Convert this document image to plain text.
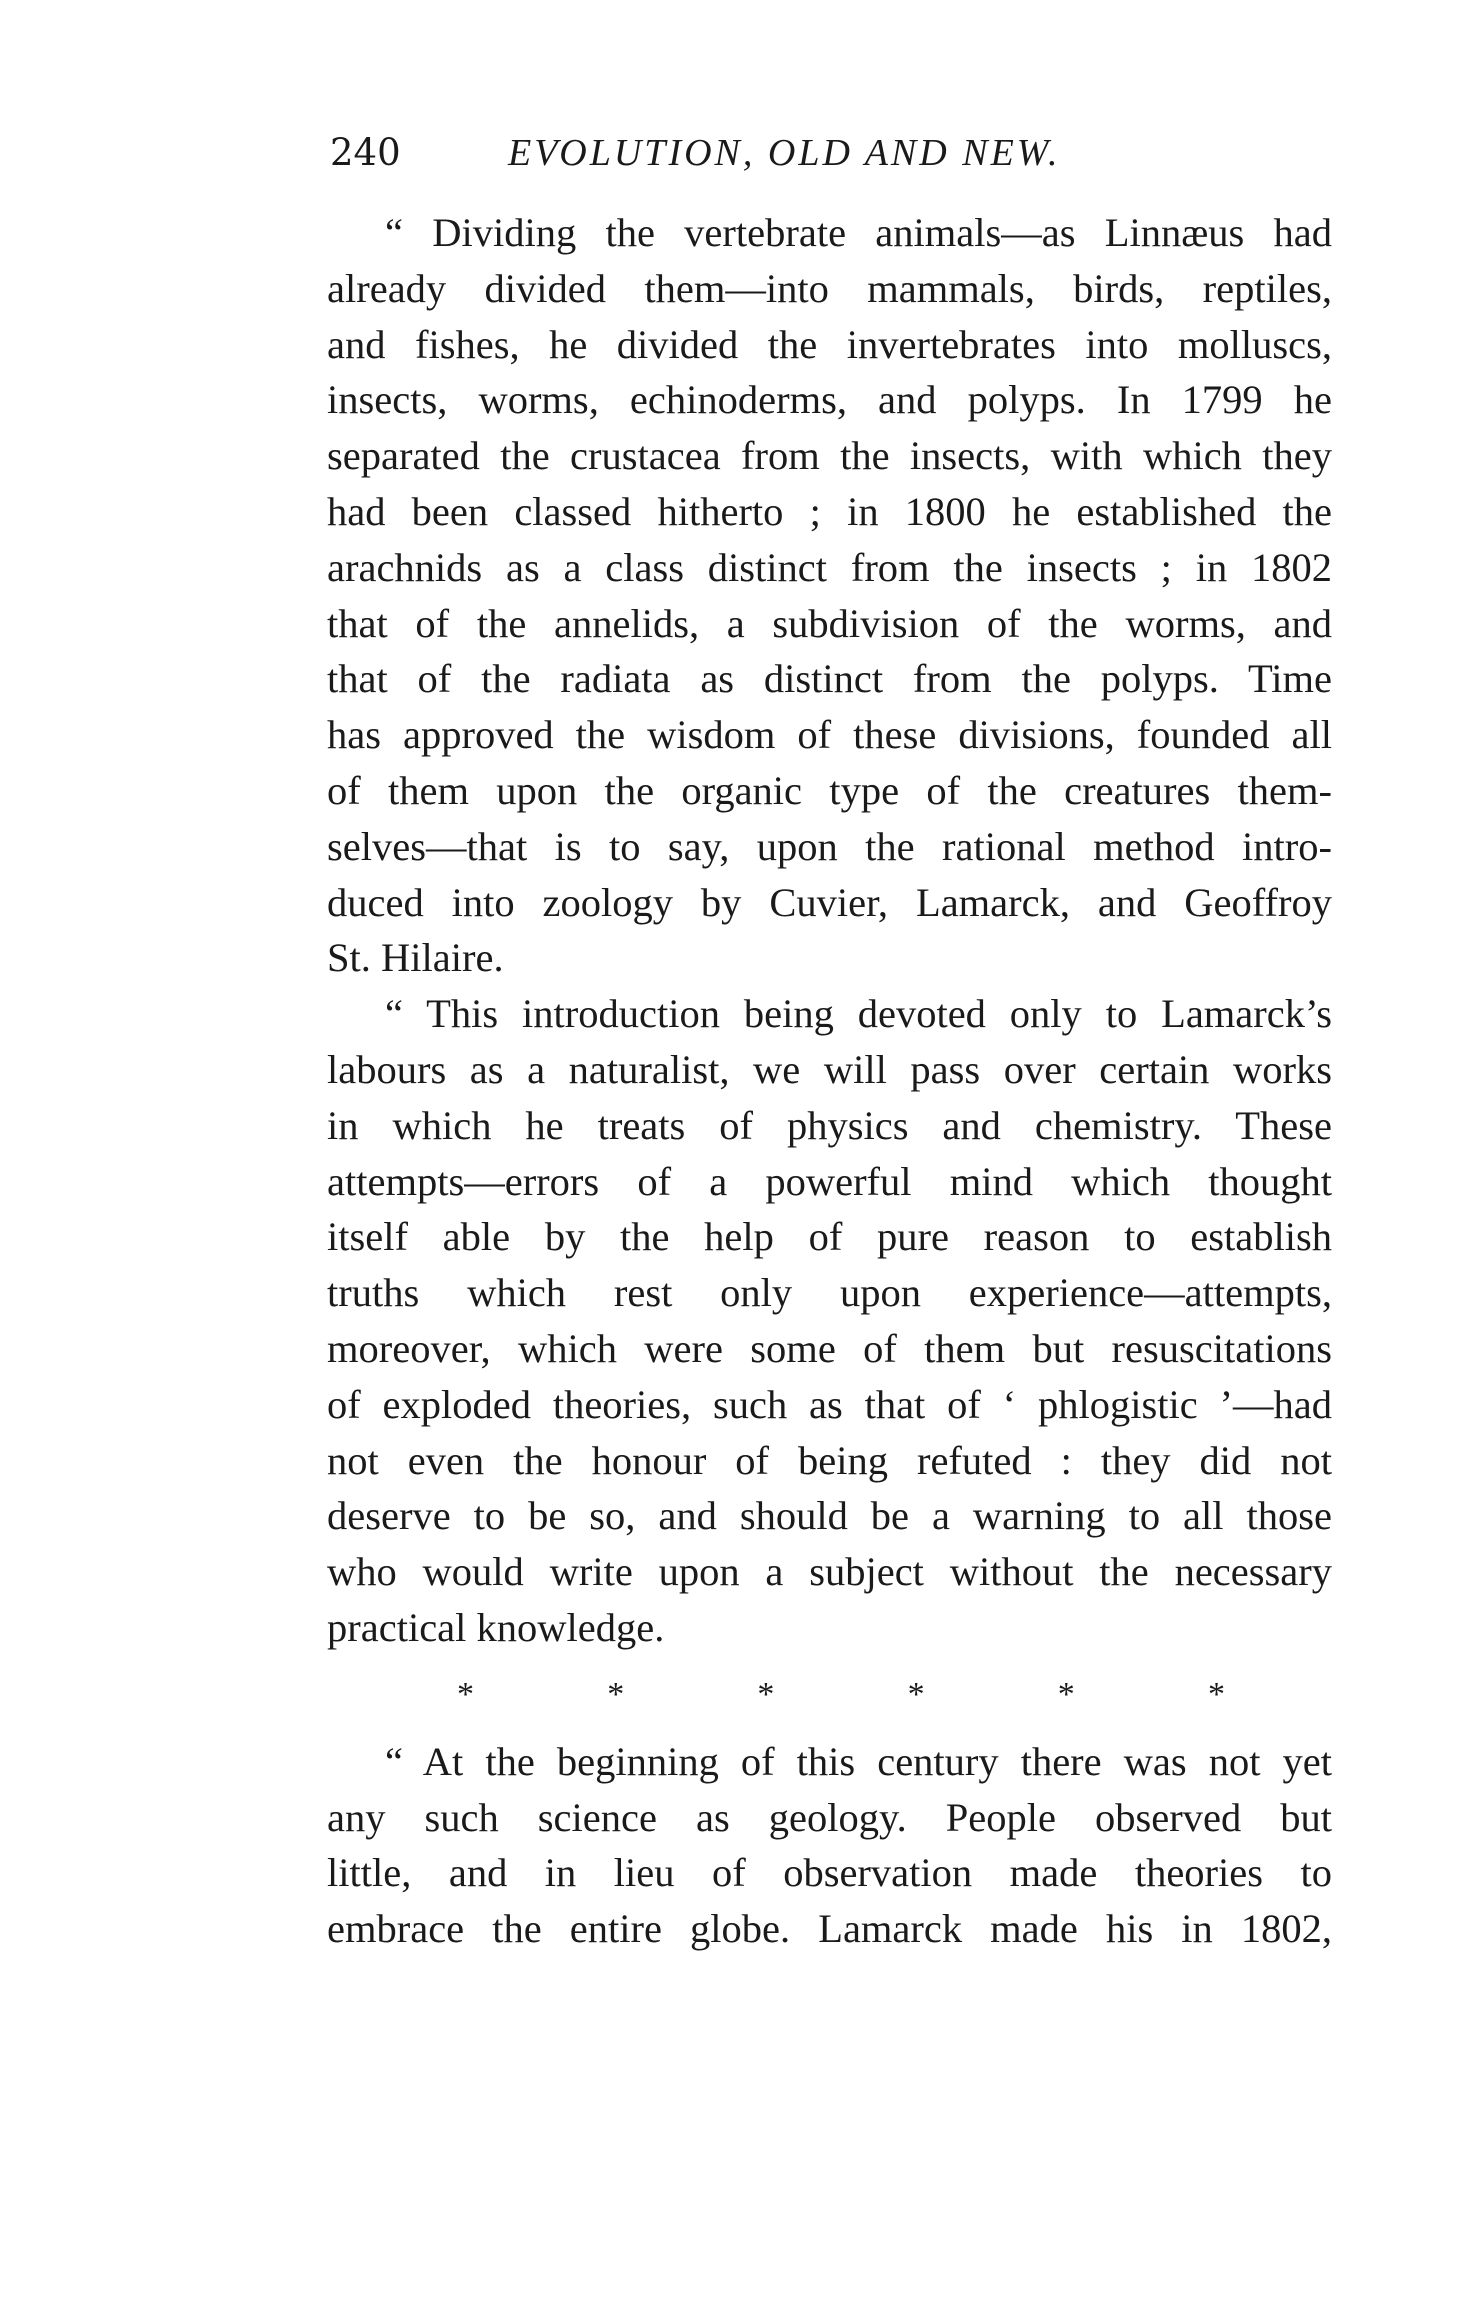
240	EVOLUTION, OLD AND NEW.
“ Dividing the vertebrate animals—as Linnæus had
already divided them—into mammals, birds, reptiles,
and fishes, he divided the invertebrates into molluscs,
insects, worms, echinoderms, and polyps. In 1799 he
separated the crustacea from the insects, with which they
had been classed hitherto ; in 1800 he established the
arachnids as a class distinct from the insects ; in 1802
that of the annelids, a subdivision of the worms, and
that of the radiata as distinct from the polyps. Time
has approved the wisdom of these divisions, founded all
of them upon the organic type of the creatures them-
selves—that is to say, upon the rational method intro-
duced into zoology by Cuvier, Lamarck, and Geoffroy
St. Hilaire.
“ This introduction being devoted only to Lamarck’s
labours as a naturalist, we will pass over certain works
in which he treats of physics and chemistry. These
attempts—errors of a powerful mind which thought
itself able by the help of pure reason to establish
truths which rest only upon experience—attempts,
moreover, which were some of them but resuscitations
of exploded theories, such as that of ‘ phlogistic ’—had
not even the honour of being refuted : they did not
deserve to be so, and should be a warning to all those
who would write upon a subject without the necessary
practical knowledge.
*	*	*	*	*	*
“ At the beginning of this century there was not yet
any such science as geology. People observed but
little, and in lieu of observation made theories to
embrace the entire globe. Lamarck made his in 1802,
